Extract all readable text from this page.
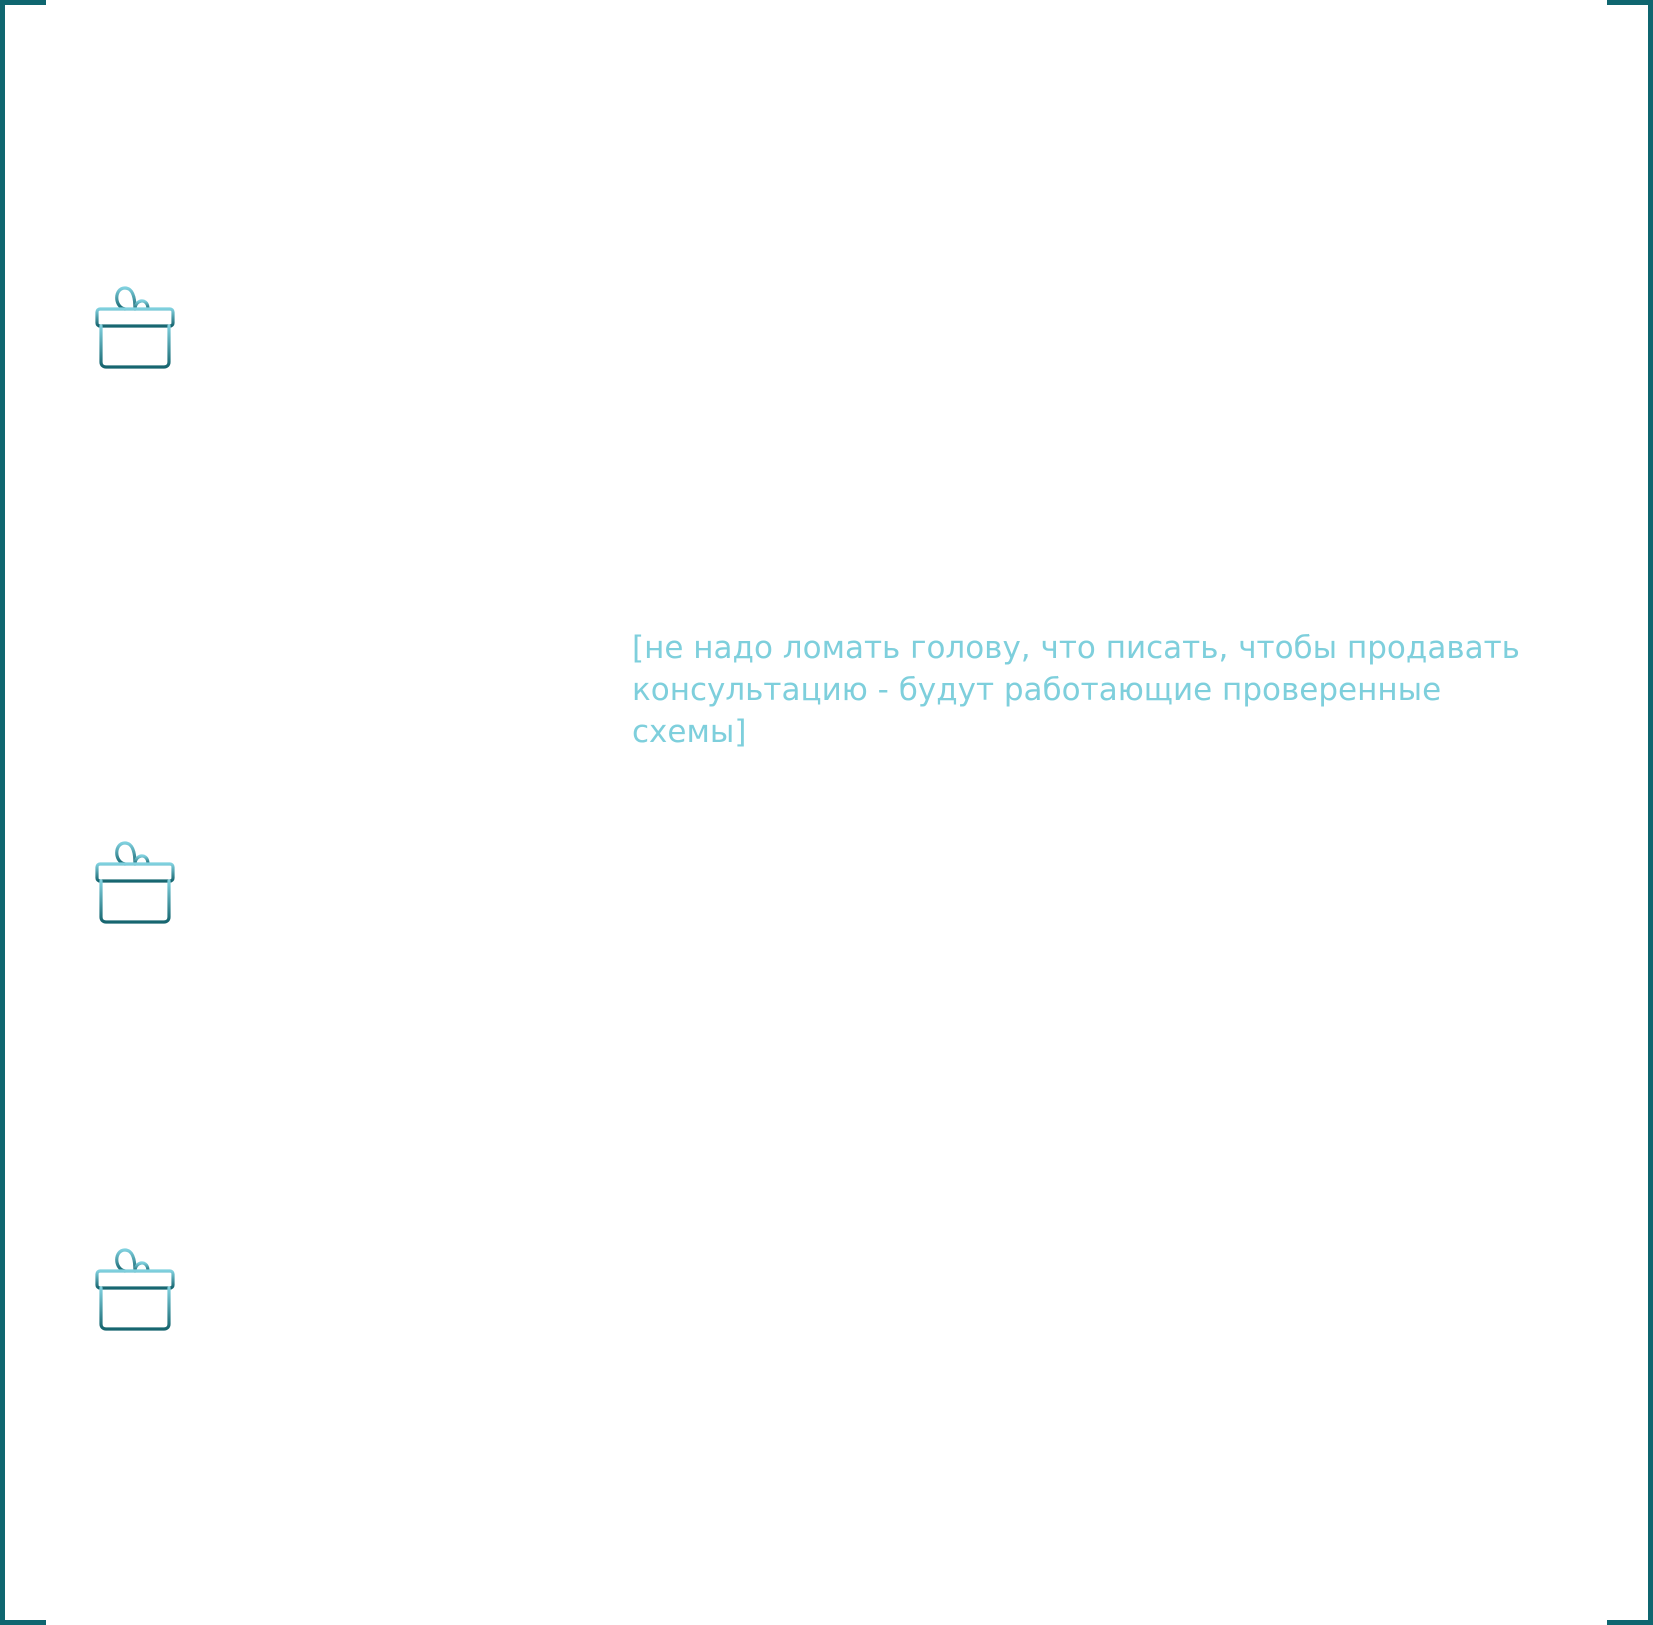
[не надо ломать голову, что писать, чтобы продавать
консультацию - будут работающие проверенные
схемы]
